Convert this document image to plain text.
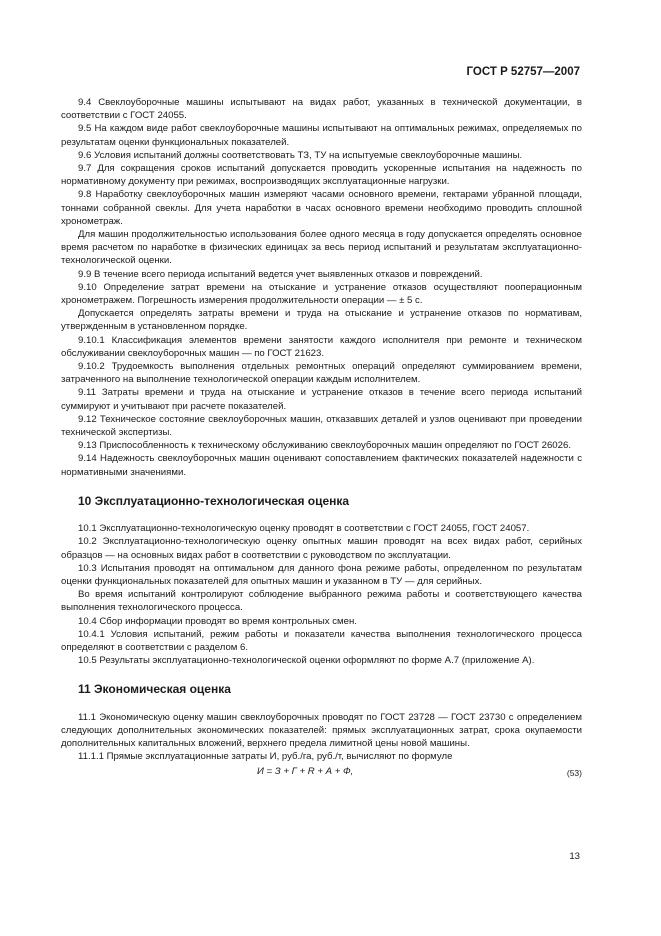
ГОСТ Р 52757—2007

9.4 Свеклоуборочные машины испытывают на видах работ, указанных в технической документации, в соответствии с ГОСТ 24055.

9.5 На каждом виде работ свеклоуборочные машины испытывают на оптимальных режимах, определяемых по результатам оценки функциональных показателей.

9.6 Условия испытаний должны соответствовать ТЗ, ТУ на испытуемые свеклоуборочные машины.

9.7 Для сокращения сроков испытаний допускается проводить ускоренные испытания на надежность по нормативному документу при режимах, воспроизводящих эксплуатационные нагрузки.

9.8 Наработку свеклоуборочных машин измеряют часами основного времени, гектарами убранной площади, тоннами собранной свеклы. Для учета наработки в часах основного времени необходимо проводить сплошной хронометраж.

Для машин продолжительностью использования более одного месяца в году допускается определять основное время расчетом по наработке в физических единицах за весь период испытаний и результатам эксплуатационно-технологической оценки.

9.9 В течение всего периода испытаний ведется учет выявленных отказов и повреждений.

9.10 Определение затрат времени на отыскание и устранение отказов осуществляют пооперационным хронометражем. Погрешность измерения продолжительности операции — ± 5 с.

Допускается определять затраты времени и труда на отыскание и устранение отказов по нормативам, утвержденным в установленном порядке.

9.10.1 Классификация элементов времени занятости каждого исполнителя при ремонте и техническом обслуживании свеклоуборочных машин — по ГОСТ 21623.

9.10.2 Трудоемкость выполнения отдельных ремонтных операций определяют суммированием времени, затраченного на выполнение технологической операции каждым исполнителем.

9.11 Затраты времени и труда на отыскание и устранение отказов в течение всего периода испытаний суммируют и учитывают при расчете показателей.

9.12 Техническое состояние свеклоуборочных машин, отказавших деталей и узлов оценивают при проведении технической экспертизы.

9.13 Приспособленность к техническому обслуживанию свеклоуборочных машин определяют по ГОСТ 26026.

9.14 Надежность свеклоуборочных машин оценивают сопоставлением фактических показателей надежности с нормативными значениями.

10 Эксплуатационно-технологическая оценка

10.1 Эксплуатационно-технологическую оценку проводят в соответствии с ГОСТ 24055, ГОСТ 24057.

10.2 Эксплуатационно-технологическую оценку опытных машин проводят на всех видах работ, серийных образцов — на основных видах работ в соответствии с руководством по эксплуатации.

10.3 Испытания проводят на оптимальном для данного фона режиме работы, определенном по результатам оценки функциональных показателей для опытных машин и указанном в ТУ — для серийных.

Во время испытаний контролируют соблюдение выбранного режима работы и соответствующего качества выполнения технологического процесса.

10.4 Сбор информации проводят во время контрольных смен.

10.4.1 Условия испытаний, режим работы и показатели качества выполнения технологического процесса определяют в соответствии с разделом 6.

10.5 Результаты эксплуатационно-технологической оценки оформляют по форме А.7 (приложение А).

11 Экономическая оценка

11.1 Экономическую оценку машин свеклоуборочных проводят по ГОСТ 23728 — ГОСТ 23730 с определением следующих дополнительных экономических показателей: прямых эксплуатационных затрат, срока окупаемости дополнительных капитальных вложений, верхнего предела лимитной цены новой машины.

11.1.1 Прямые эксплуатационные затраты И, руб./га, руб./т, вычисляют по формуле

И = З + Г + R + А + Ф,	(53)
13
